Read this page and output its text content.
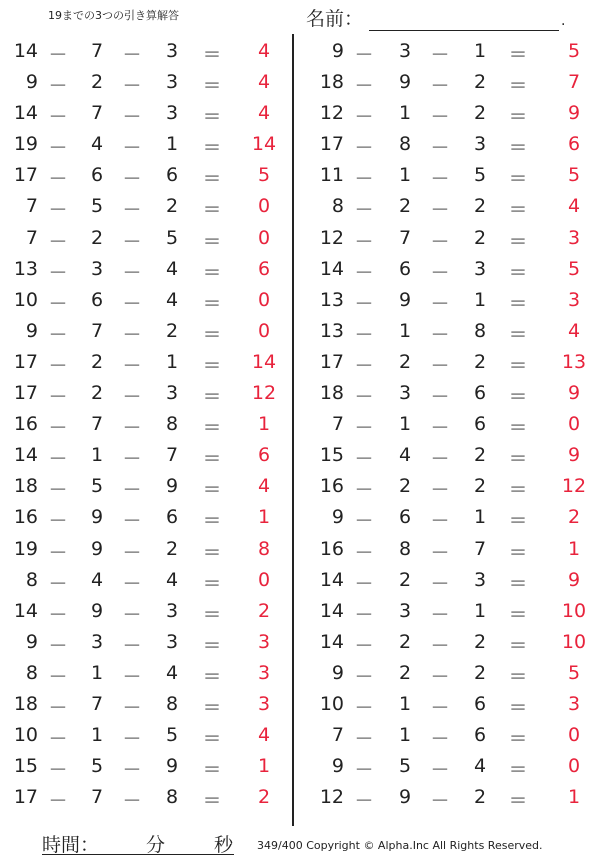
19までの3つの引き算解答	名前：	.
14 － 7 －	3	＝	4
9 － 2 －	3	＝	4
14 － 7 －	3	＝	4
19 － 4 －	1	＝	14
17 － 6 －	6	＝	5
7 － 5 －	2	＝	0
7 － 2 －	5	＝	0
13 － 3 －	4	＝	6
10 － 6 －	4	＝	0
9 － 7 －	2	＝	0
17 － 2 －	1	＝	14
17 － 2 －	3	＝	12
16 － 7 －	8	＝	1
14 － 1 －	7	＝	6
18 － 5 －	9	＝	4
16 － 9 －	6	＝	1
19 － 9 －	2	＝	8
8 － 4 －	4	＝	0
14 － 9 －	3	＝	2
9 － 3 －	3	＝	3
8 － 1 －	4	＝	3
18 － 7 －	8	＝	3
10 － 1 －	5	＝	4
15 － 5 －	9	＝	1
17 － 7 －	8	＝	2
9 － 3 －	1	＝	5
18 － 9 －	2	＝	7
12 － 1 －	2	＝	9
17 － 8 －	3	＝	6
11 － 1 －	5	＝	5
8 － 2 －	2	＝	4
12 － 7 －	2	＝	3
14 － 6 －	3	＝	5
13 － 9 －	1	＝	3
13 － 1 －	8	＝	4
17 － 2 －	2	＝	13
18 － 3 －	6	＝	9
7 － 1 －	6	＝	0
15 － 4 －	2	＝	9
16 － 2 －	2	＝	12
9 － 6 －	1	＝	2
16 － 8 －	7	＝	1
14 － 2 －	3	＝	9
14 － 3 －	1	＝	10
14 － 2 －	2	＝	10
9 － 2 －	2	＝	5
10 － 1 －	6	＝	3
7 － 1 －	6	＝	0
9 － 5 －	4	＝	0
12 － 9 －	2	＝	1
時間： 分	秒 349/400 Copyright © Alpha.Inc All Rights Reserved.
